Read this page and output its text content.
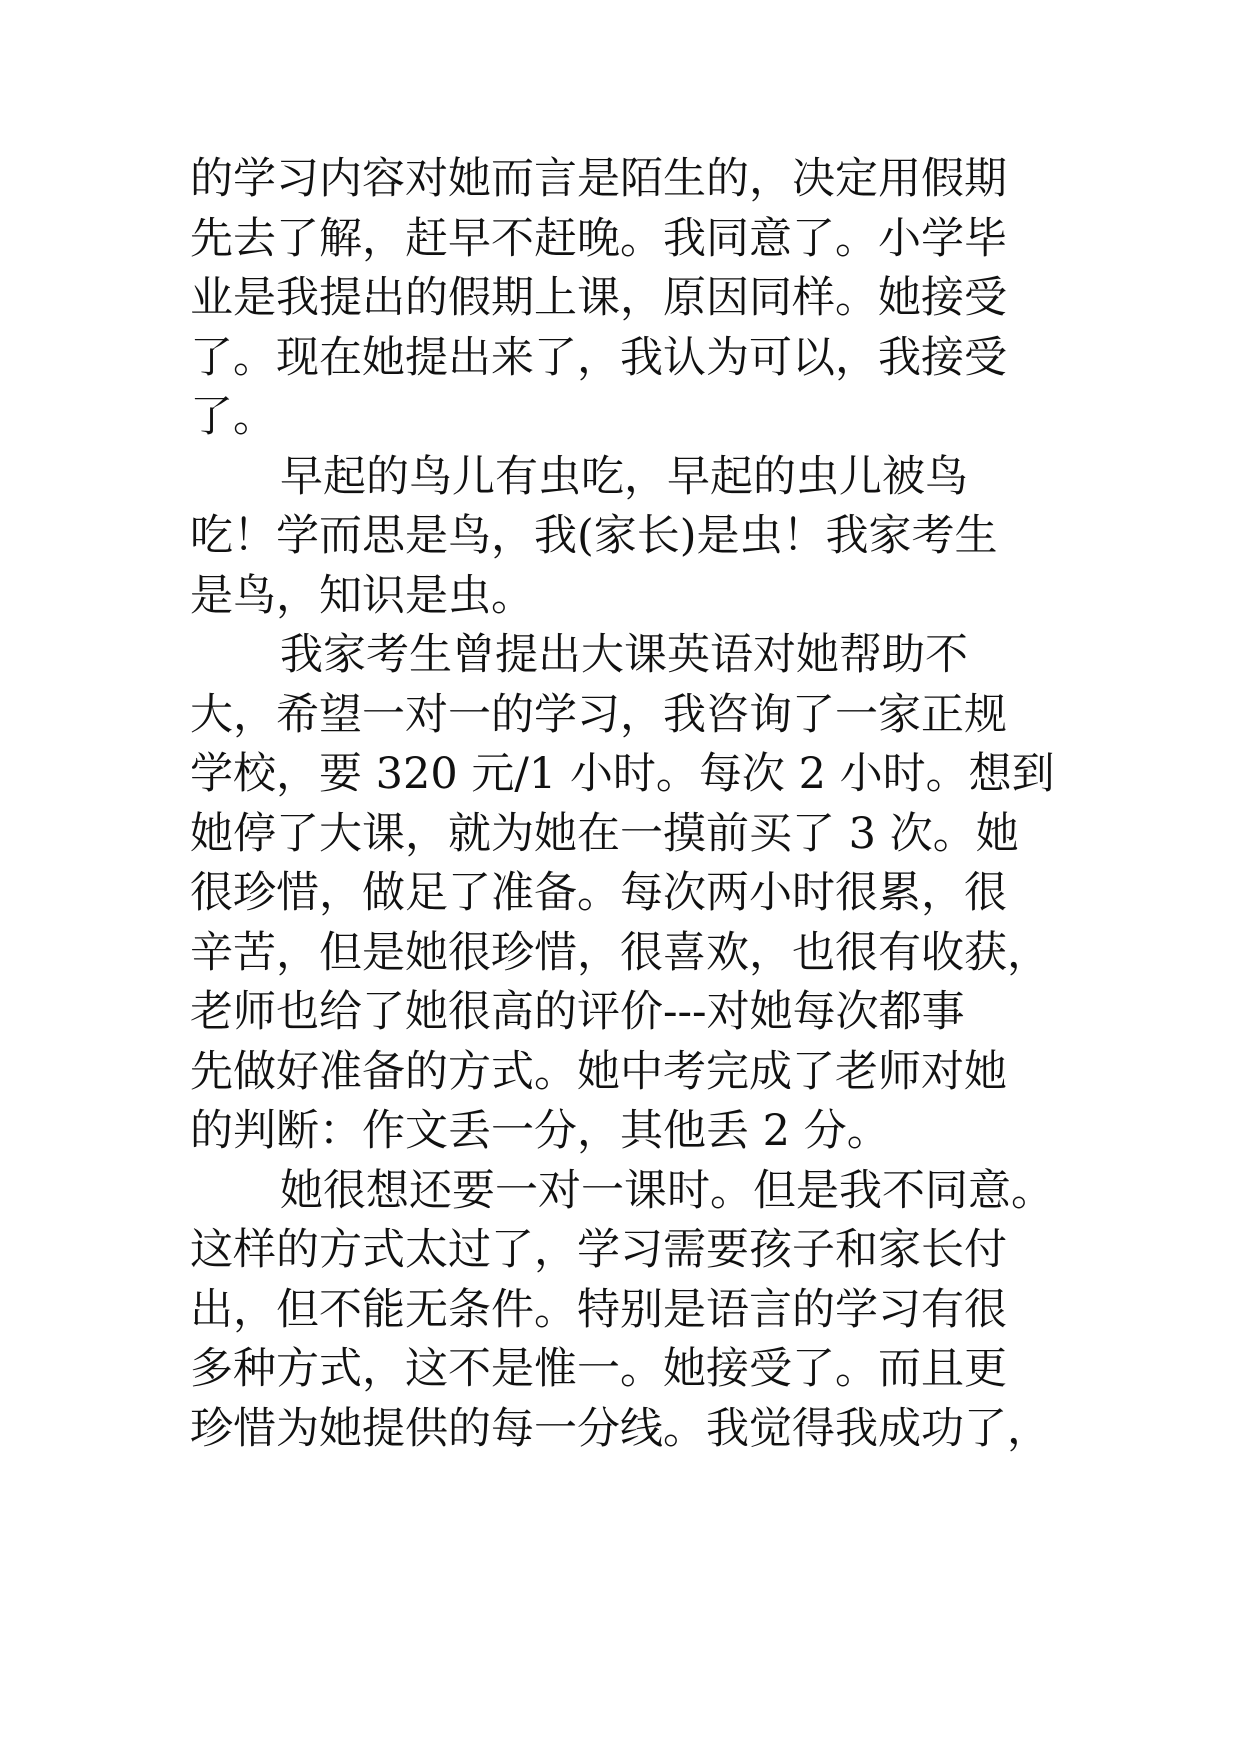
的学习内容对她而言是陌生的，决定用假期
先去了解，赶早不赶晚。我同意了。小学毕
业是我提出的假期上课，原因同样。她接受
了。现在她提出来了，我认为可以，我接受
了。
早起的鸟儿有虫吃，早起的虫儿被鸟
吃！学而思是鸟，我(家长)是虫！我家考生
是鸟，知识是虫。
我家考生曾提出大课英语对她帮助不
大，希望一对一的学习，我咨询了一家正规
学校，要 320 元/1 小时。每次 2 小时。想到
她停了大课，就为她在一摸前买了 3 次。她
很珍惜，做足了准备。每次两小时很累，很
辛苦，但是她很珍惜，很喜欢，也很有收获，
老师也给了她很高的评价---对她每次都事
先做好准备的方式。她中考完成了老师对她
的判断：作文丢一分，其他丢 2 分。
她很想还要一对一课时。但是我不同意。
这样的方式太过了，学习需要孩子和家长付
出，但不能无条件。特别是语言的学习有很
多种方式，这不是惟一。她接受了。而且更
珍惜为她提供的每一分线。我觉得我成功了，
